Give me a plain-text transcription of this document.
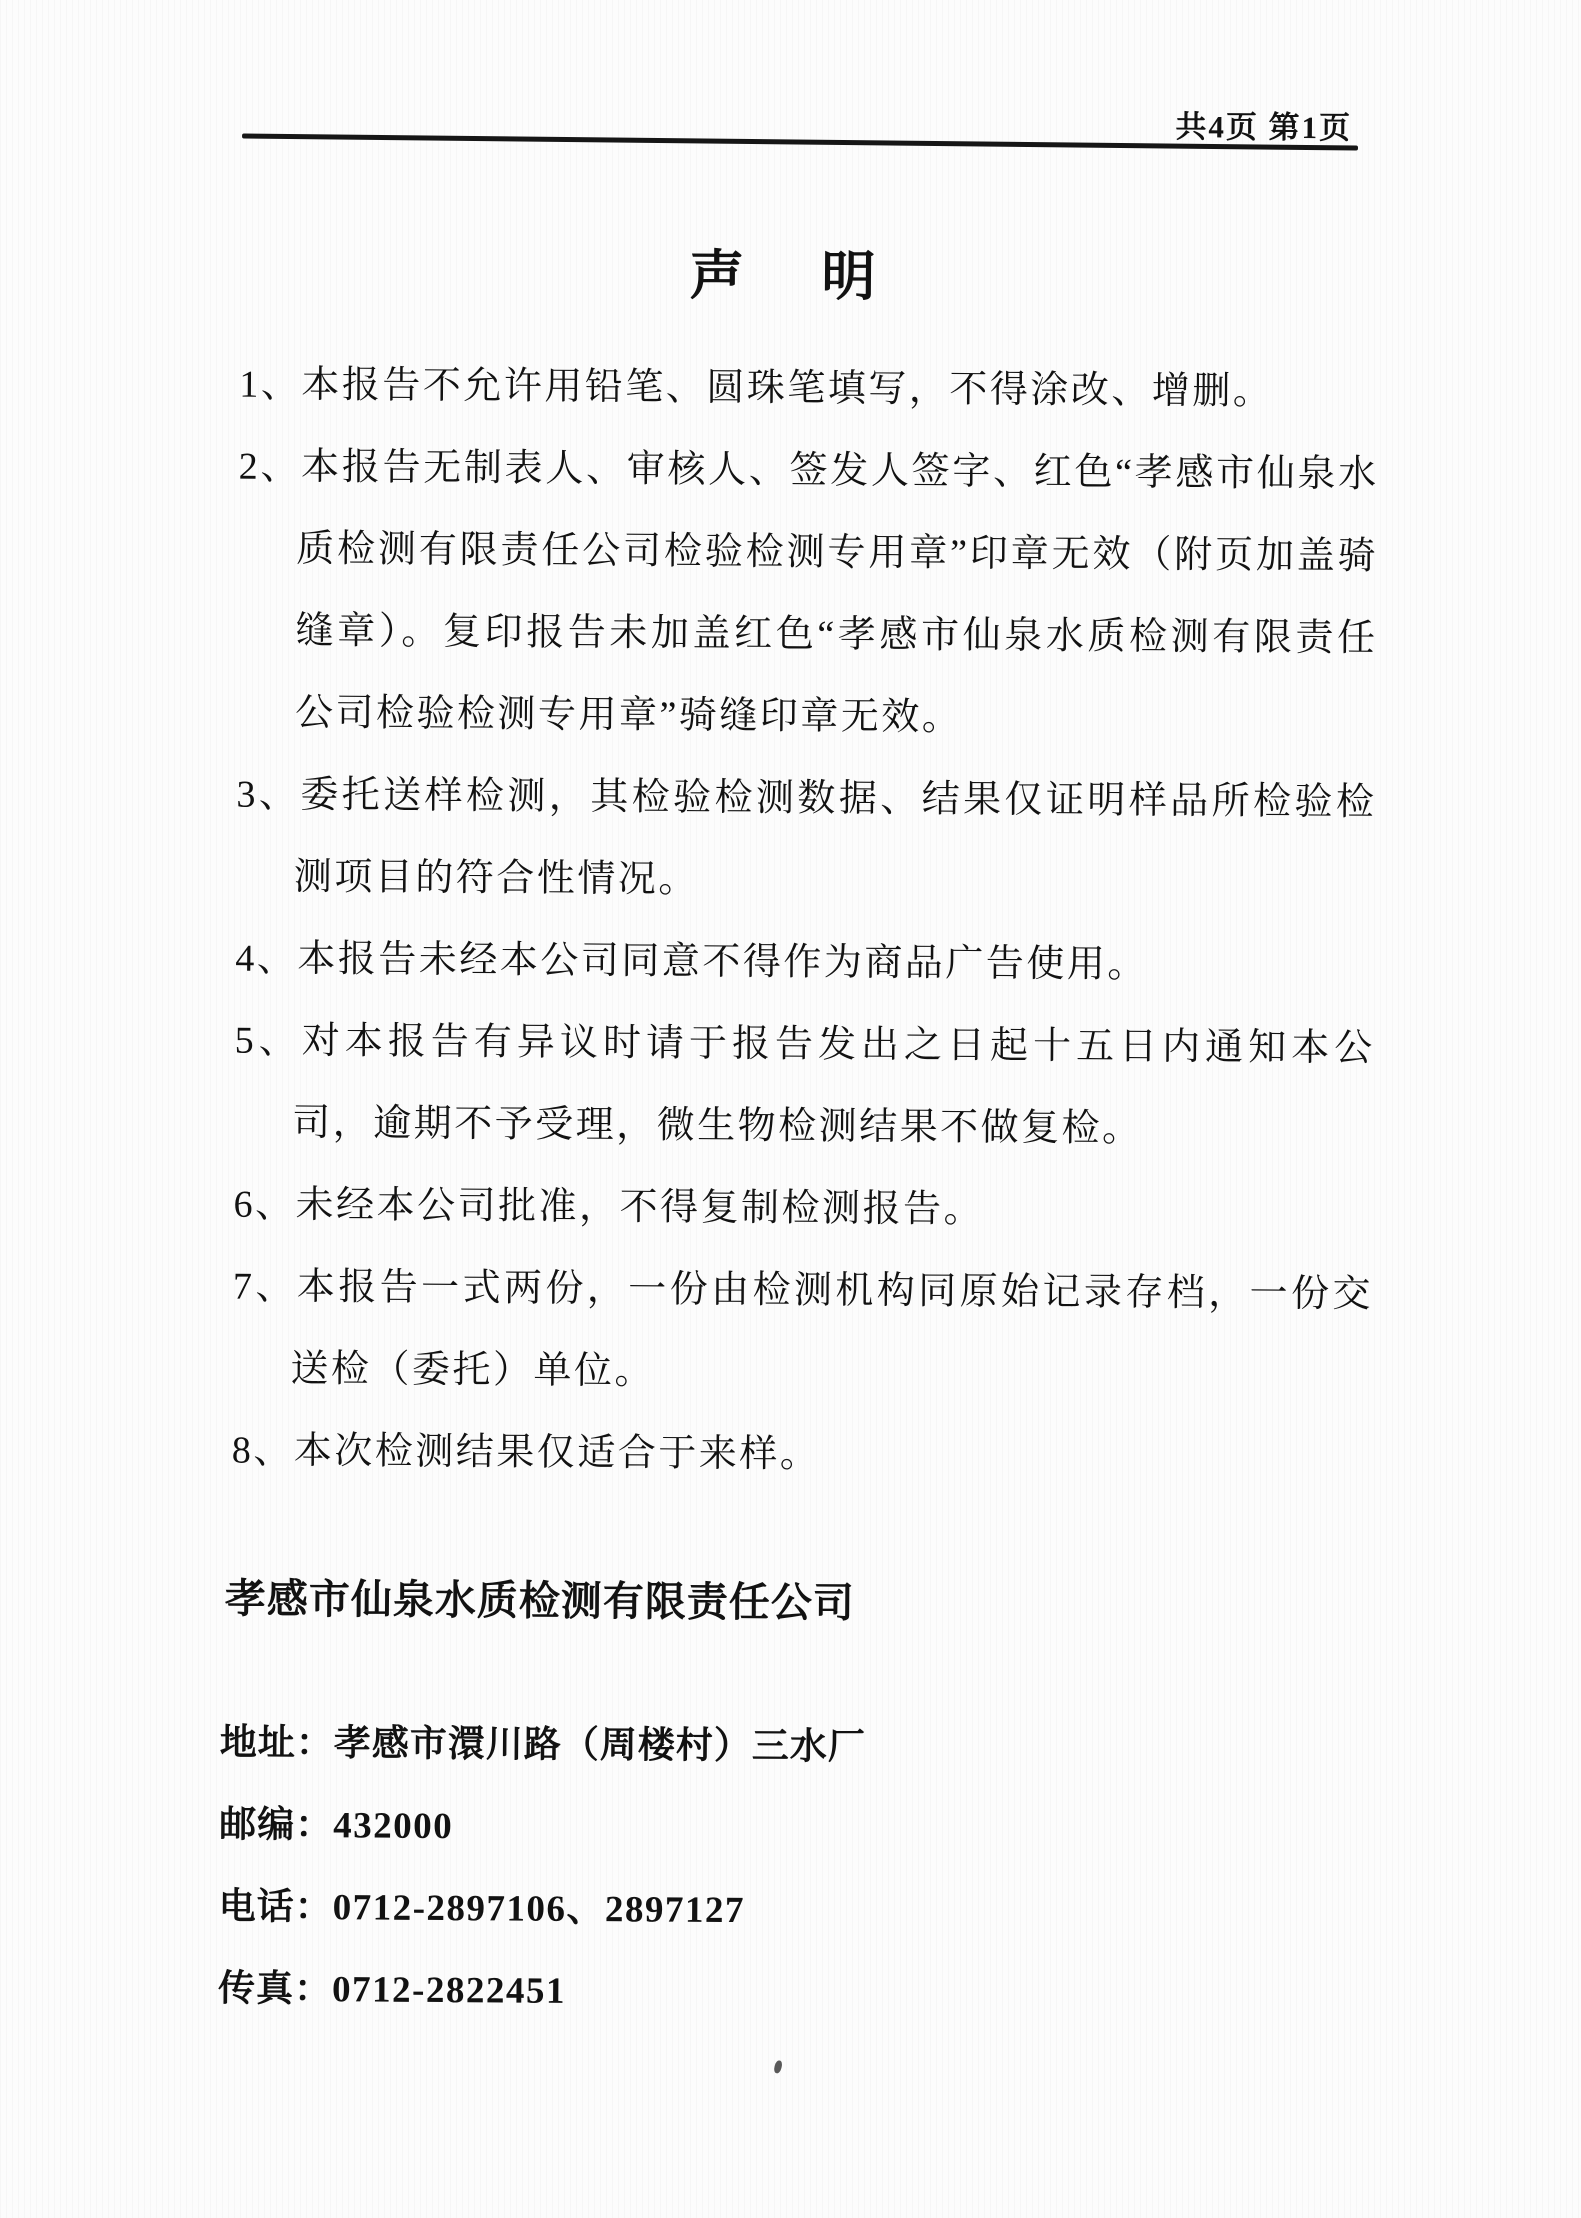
共4页 第1页
声　明
1、本报告不允许用铅笔、圆珠笔填写，不得涂改、增删。
2、本报告无制表人、审核人、签发人签字、红色“孝感市仙泉水质检测有限责任公司检验检测专用章”印章无效（附页加盖骑缝章）。复印报告未加盖红色“孝感市仙泉水质检测有限责任公司检验检测专用章”骑缝印章无效。
3、委托送样检测，其检验检测数据、结果仅证明样品所检验检测项目的符合性情况。
4、本报告未经本公司同意不得作为商品广告使用。
5、对本报告有异议时请于报告发出之日起十五日内通知本公司，逾期不予受理，微生物检测结果不做复检。
6、未经本公司批准，不得复制检测报告。
7、本报告一式两份，一份由检测机构同原始记录存档，一份交送检（委托）单位。
8、本次检测结果仅适合于来样。
孝感市仙泉水质检测有限责任公司
地址：孝感市澴川路（周楼村）三水厂
邮编：432000
电话：0712-2897106、2897127
传真：0712-2822451
